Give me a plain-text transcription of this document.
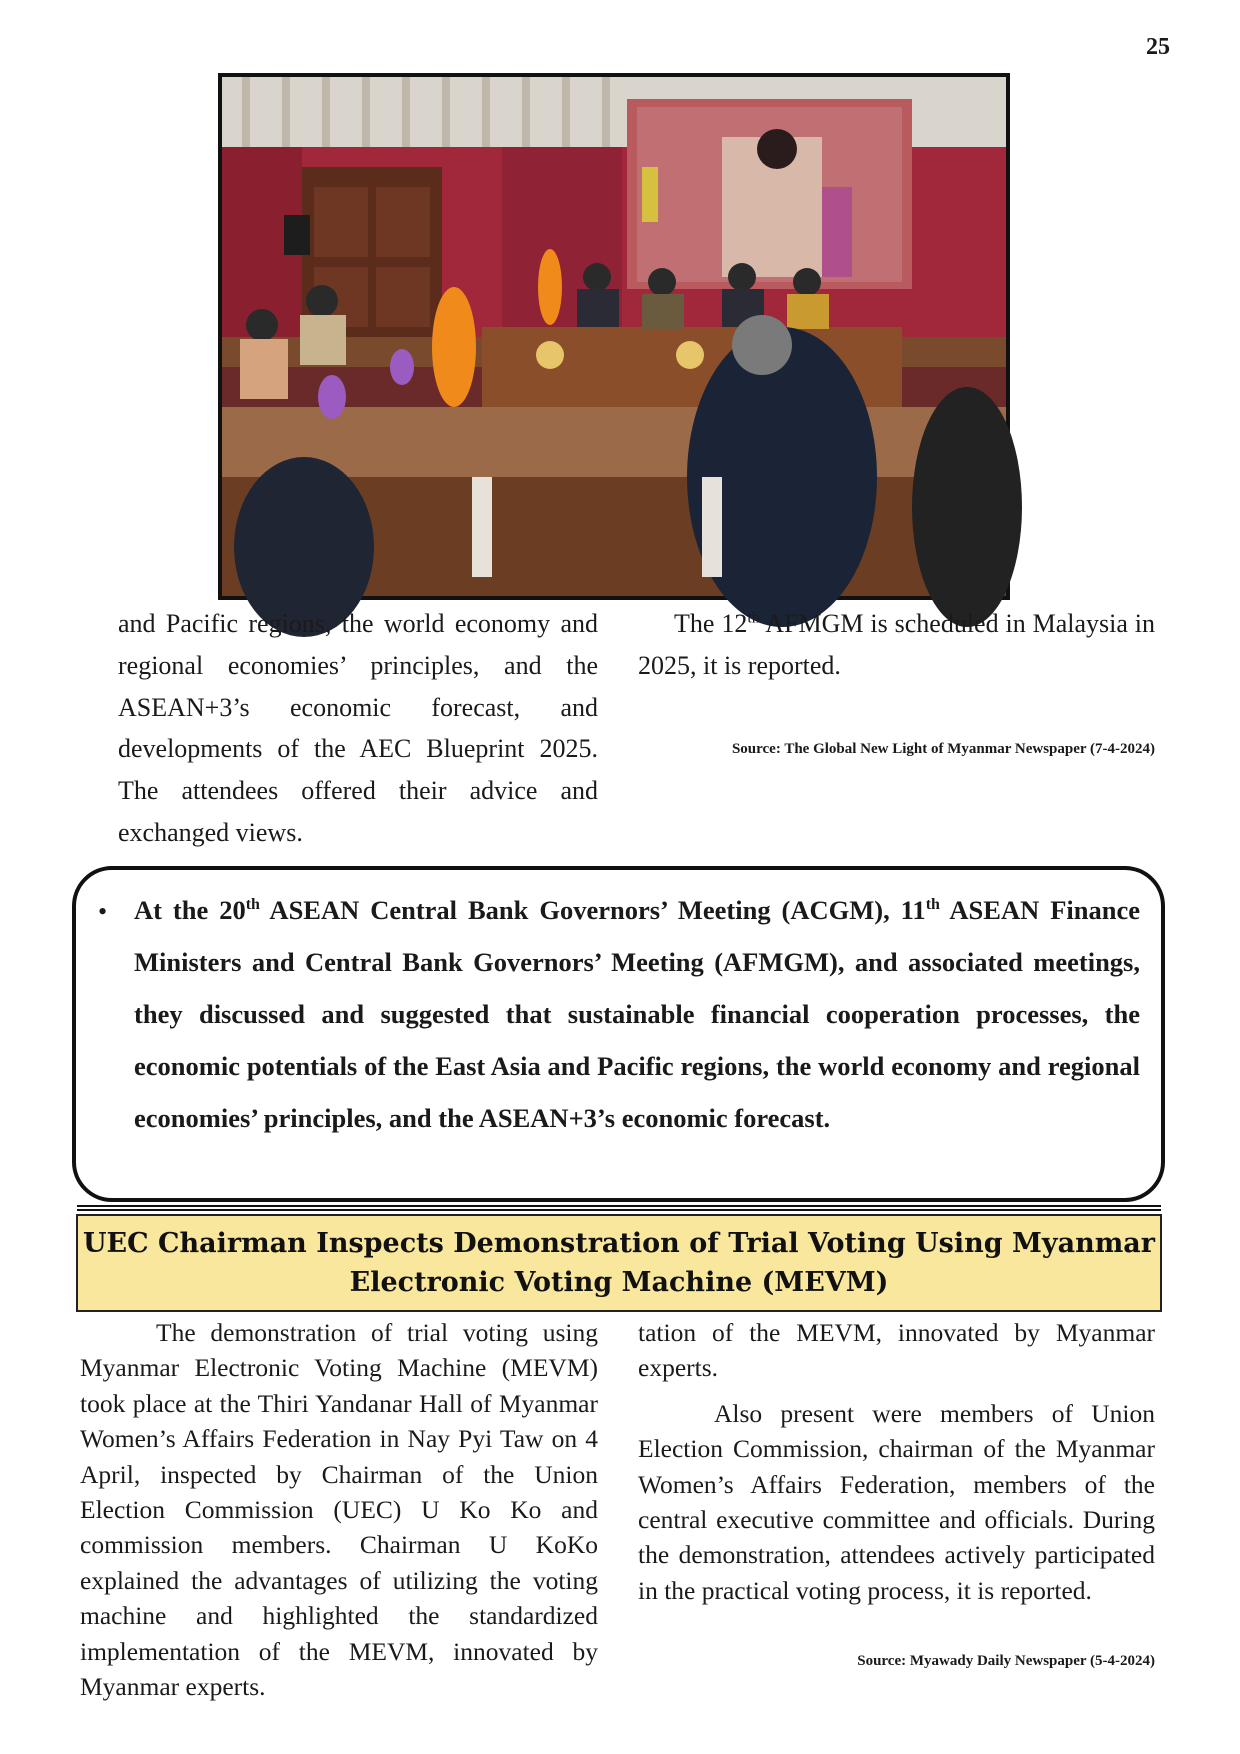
25

and Pacific regions, the world economy and regional economies’ principles, and the ASEAN+3’s economic forecast, and developments of the AEC Blueprint 2025. The attendees offered their advice and exchanged views.

The 12th AFMGM is scheduled in Malaysia in 2025, it is reported.

Source: The Global New Light of Myanmar Newspaper (7-4-2024)
• At the 20th ASEAN Central Bank Governors’ Meeting (ACGM), 11th ASEAN Finance Ministers and Central Bank Governors’ Meeting (AFMGM), and associated meetings, they discussed and suggested that sustainable financial cooperation processes, the economic potentials of the East Asia and Pacific regions, the world economy and regional economies’ principles, and the ASEAN+3’s economic forecast.
UEC Chairman Inspects Demonstration of Trial Voting Using Myanmar
Electronic Voting Machine (MEVM)

The demonstration of trial voting using Myanmar Electronic Voting Machine (MEVM) took place at the Thiri Yandanar Hall of Myanmar Women’s Affairs Federation in Nay Pyi Taw on 4 April, inspected by Chairman of the Union Election Commission (UEC) U Ko Ko and commission members. Chairman U KoKo explained the advantages of utilizing the voting machine and highlighted the standardized implementation of the MEVM, innovated by Myanmar experts.

tation of the MEVM, innovated by Myanmar experts.

Also present were members of Union Election Commission, chairman of the Myanmar Women’s Affairs Federation, members of the central executive committee and officials. During the demonstration, attendees actively participated in the practical voting process, it is reported.

Source: Myawady Daily Newspaper (5-4-2024)
